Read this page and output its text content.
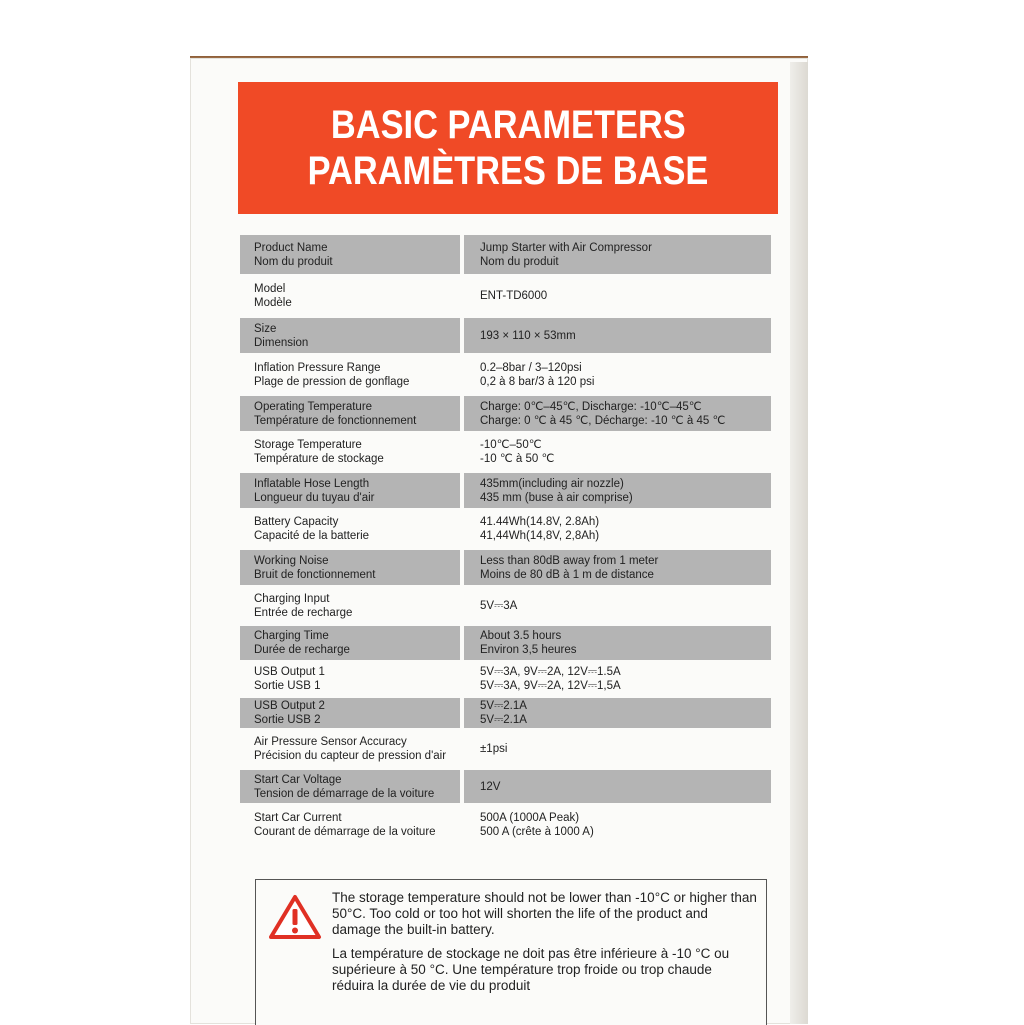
BASIC PARAMETERS
PARAMÈTRES DE BASE
Product Name
Nom du produit
Jump Starter with Air Compressor
Nom du produit
Model
Modèle
ENT-TD6000
Size
Dimension
193 × 110 × 53mm
Inflation Pressure Range
Plage de pression de gonflage
0.2–8bar / 3–120psi
0,2 à 8 bar/3 à 120 psi
Operating Temperature
Température de fonctionnement
Charge: 0℃–45℃, Discharge: -10℃–45℃
Charge: 0 ℃ à 45 ℃, Décharge: -10 ℃ à 45 ℃
Storage Temperature
Température de stockage
-10℃–50℃
-10 ℃ à 50 ℃
Inflatable Hose Length
Longueur du tuyau d'air
435mm(including air nozzle)
435 mm (buse à air comprise)
Battery Capacity
Capacité de la batterie
41.44Wh(14.8V, 2.8Ah)
41,44Wh(14,8V, 2,8Ah)
Working Noise
Bruit de fonctionnement
Less than 80dB away from 1 meter
Moins de 80 dB à 1 m de distance
Charging Input
Entrée de recharge
5V⎓3A
Charging Time
Durée de recharge
About 3.5 hours
Environ 3,5 heures
USB Output 1
Sortie USB 1
5V⎓3A, 9V⎓2A, 12V⎓1.5A
5V⎓3A, 9V⎓2A, 12V⎓1,5A
USB Output 2
Sortie USB 2
5V⎓2.1A
5V⎓2.1A
Air Pressure Sensor Accuracy
Précision du capteur de pression d'air
±1psi
Start Car Voltage
Tension de démarrage de la voiture
12V
Start Car Current
Courant de démarrage de la voiture
500A (1000A Peak)
500 A (crête à 1000 A)

The storage temperature should not be lower than -10°C or higher than 50°C. Too cold or too hot will shorten the life of the product and damage the built-in battery.

La température de stockage ne doit pas être inférieure à -10 °C ou supérieure à 50 °C. Une température trop froide ou trop chaude réduira la durée de vie du produit
